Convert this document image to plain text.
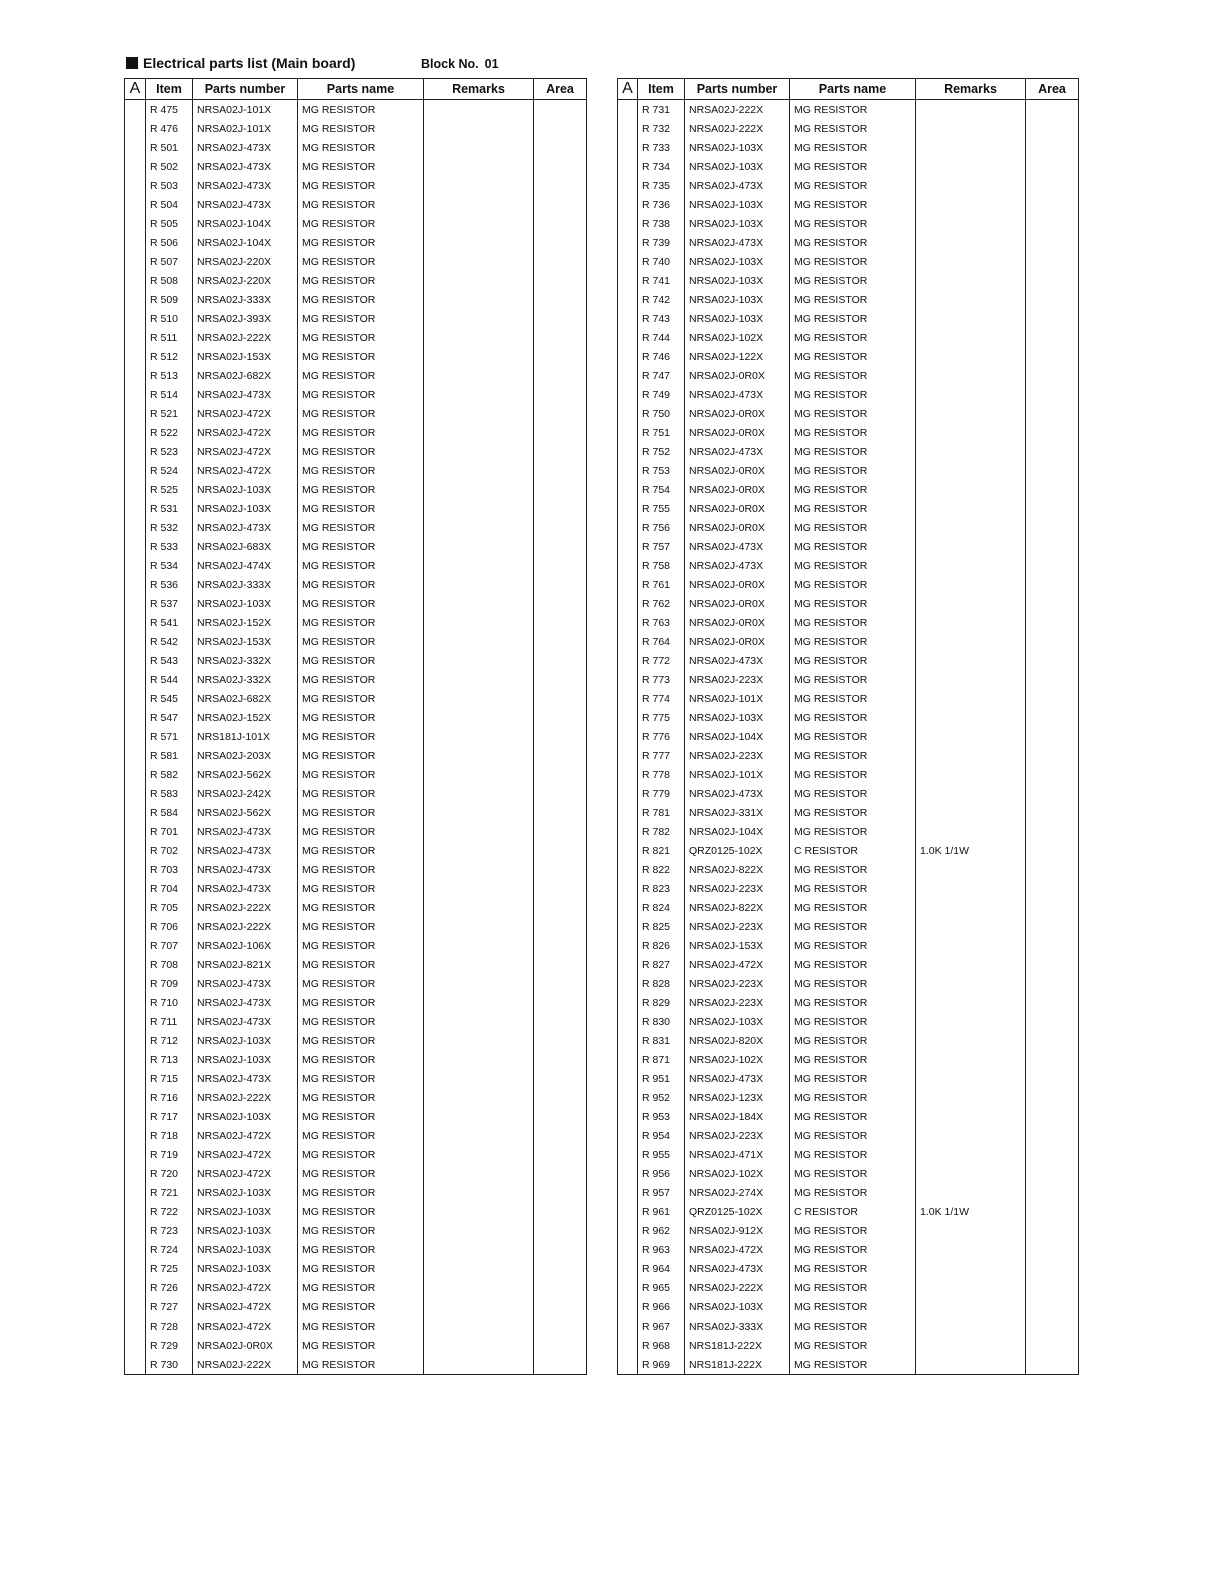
Electrical parts list (Main board)	Block No. 01
A	Item	Parts number	Parts name	Remarks	Area
	R 475	NRSA02J-101X	MG RESISTOR		
	R 476	NRSA02J-101X	MG RESISTOR		
	R 501	NRSA02J-473X	MG RESISTOR		
	R 502	NRSA02J-473X	MG RESISTOR		
	R 503	NRSA02J-473X	MG RESISTOR		
	R 504	NRSA02J-473X	MG RESISTOR		
	R 505	NRSA02J-104X	MG RESISTOR		
	R 506	NRSA02J-104X	MG RESISTOR		
	R 507	NRSA02J-220X	MG RESISTOR		
	R 508	NRSA02J-220X	MG RESISTOR		
	R 509	NRSA02J-333X	MG RESISTOR		
	R 510	NRSA02J-393X	MG RESISTOR		
	R 511	NRSA02J-222X	MG RESISTOR		
	R 512	NRSA02J-153X	MG RESISTOR		
	R 513	NRSA02J-682X	MG RESISTOR		
	R 514	NRSA02J-473X	MG RESISTOR		
	R 521	NRSA02J-472X	MG RESISTOR		
	R 522	NRSA02J-472X	MG RESISTOR		
	R 523	NRSA02J-472X	MG RESISTOR		
	R 524	NRSA02J-472X	MG RESISTOR		
	R 525	NRSA02J-103X	MG RESISTOR		
	R 531	NRSA02J-103X	MG RESISTOR		
	R 532	NRSA02J-473X	MG RESISTOR		
	R 533	NRSA02J-683X	MG RESISTOR		
	R 534	NRSA02J-474X	MG RESISTOR		
	R 536	NRSA02J-333X	MG RESISTOR		
	R 537	NRSA02J-103X	MG RESISTOR		
	R 541	NRSA02J-152X	MG RESISTOR		
	R 542	NRSA02J-153X	MG RESISTOR		
	R 543	NRSA02J-332X	MG RESISTOR		
	R 544	NRSA02J-332X	MG RESISTOR		
	R 545	NRSA02J-682X	MG RESISTOR		
	R 547	NRSA02J-152X	MG RESISTOR		
	R 571	NRS181J-101X	MG RESISTOR		
	R 581	NRSA02J-203X	MG RESISTOR		
	R 582	NRSA02J-562X	MG RESISTOR		
	R 583	NRSA02J-242X	MG RESISTOR		
	R 584	NRSA02J-562X	MG RESISTOR		
	R 701	NRSA02J-473X	MG RESISTOR		
	R 702	NRSA02J-473X	MG RESISTOR		
	R 703	NRSA02J-473X	MG RESISTOR		
	R 704	NRSA02J-473X	MG RESISTOR		
	R 705	NRSA02J-222X	MG RESISTOR		
	R 706	NRSA02J-222X	MG RESISTOR		
	R 707	NRSA02J-106X	MG RESISTOR		
	R 708	NRSA02J-821X	MG RESISTOR		
	R 709	NRSA02J-473X	MG RESISTOR		
	R 710	NRSA02J-473X	MG RESISTOR		
	R 711	NRSA02J-473X	MG RESISTOR		
	R 712	NRSA02J-103X	MG RESISTOR		
	R 713	NRSA02J-103X	MG RESISTOR		
	R 715	NRSA02J-473X	MG RESISTOR		
	R 716	NRSA02J-222X	MG RESISTOR		
	R 717	NRSA02J-103X	MG RESISTOR		
	R 718	NRSA02J-472X	MG RESISTOR		
	R 719	NRSA02J-472X	MG RESISTOR		
	R 720	NRSA02J-472X	MG RESISTOR		
	R 721	NRSA02J-103X	MG RESISTOR		
	R 722	NRSA02J-103X	MG RESISTOR		
	R 723	NRSA02J-103X	MG RESISTOR		
	R 724	NRSA02J-103X	MG RESISTOR		
	R 725	NRSA02J-103X	MG RESISTOR		
	R 726	NRSA02J-472X	MG RESISTOR		
	R 727	NRSA02J-472X	MG RESISTOR		
	R 728	NRSA02J-472X	MG RESISTOR		
	R 729	NRSA02J-0R0X	MG RESISTOR		
	R 730	NRSA02J-222X	MG RESISTOR		
A	Item	Parts number	Parts name	Remarks	Area
	R 731	NRSA02J-222X	MG RESISTOR		
	R 732	NRSA02J-222X	MG RESISTOR		
	R 733	NRSA02J-103X	MG RESISTOR		
	R 734	NRSA02J-103X	MG RESISTOR		
	R 735	NRSA02J-473X	MG RESISTOR		
	R 736	NRSA02J-103X	MG RESISTOR		
	R 738	NRSA02J-103X	MG RESISTOR		
	R 739	NRSA02J-473X	MG RESISTOR		
	R 740	NRSA02J-103X	MG RESISTOR		
	R 741	NRSA02J-103X	MG RESISTOR		
	R 742	NRSA02J-103X	MG RESISTOR		
	R 743	NRSA02J-103X	MG RESISTOR		
	R 744	NRSA02J-102X	MG RESISTOR		
	R 746	NRSA02J-122X	MG RESISTOR		
	R 747	NRSA02J-0R0X	MG RESISTOR		
	R 749	NRSA02J-473X	MG RESISTOR		
	R 750	NRSA02J-0R0X	MG RESISTOR		
	R 751	NRSA02J-0R0X	MG RESISTOR		
	R 752	NRSA02J-473X	MG RESISTOR		
	R 753	NRSA02J-0R0X	MG RESISTOR		
	R 754	NRSA02J-0R0X	MG RESISTOR		
	R 755	NRSA02J-0R0X	MG RESISTOR		
	R 756	NRSA02J-0R0X	MG RESISTOR		
	R 757	NRSA02J-473X	MG RESISTOR		
	R 758	NRSA02J-473X	MG RESISTOR		
	R 761	NRSA02J-0R0X	MG RESISTOR		
	R 762	NRSA02J-0R0X	MG RESISTOR		
	R 763	NRSA02J-0R0X	MG RESISTOR		
	R 764	NRSA02J-0R0X	MG RESISTOR		
	R 772	NRSA02J-473X	MG RESISTOR		
	R 773	NRSA02J-223X	MG RESISTOR		
	R 774	NRSA02J-101X	MG RESISTOR		
	R 775	NRSA02J-103X	MG RESISTOR		
	R 776	NRSA02J-104X	MG RESISTOR		
	R 777	NRSA02J-223X	MG RESISTOR		
	R 778	NRSA02J-101X	MG RESISTOR		
	R 779	NRSA02J-473X	MG RESISTOR		
	R 781	NRSA02J-331X	MG RESISTOR		
	R 782	NRSA02J-104X	MG RESISTOR		
	R 821	QRZ0125-102X	C RESISTOR	1.0K 1/1W	
	R 822	NRSA02J-822X	MG RESISTOR		
	R 823	NRSA02J-223X	MG RESISTOR		
	R 824	NRSA02J-822X	MG RESISTOR		
	R 825	NRSA02J-223X	MG RESISTOR		
	R 826	NRSA02J-153X	MG RESISTOR		
	R 827	NRSA02J-472X	MG RESISTOR		
	R 828	NRSA02J-223X	MG RESISTOR		
	R 829	NRSA02J-223X	MG RESISTOR		
	R 830	NRSA02J-103X	MG RESISTOR		
	R 831	NRSA02J-820X	MG RESISTOR		
	R 871	NRSA02J-102X	MG RESISTOR		
	R 951	NRSA02J-473X	MG RESISTOR		
	R 952	NRSA02J-123X	MG RESISTOR		
	R 953	NRSA02J-184X	MG RESISTOR		
	R 954	NRSA02J-223X	MG RESISTOR		
	R 955	NRSA02J-471X	MG RESISTOR		
	R 956	NRSA02J-102X	MG RESISTOR		
	R 957	NRSA02J-274X	MG RESISTOR		
	R 961	QRZ0125-102X	C RESISTOR	1.0K 1/1W	
	R 962	NRSA02J-912X	MG RESISTOR		
	R 963	NRSA02J-472X	MG RESISTOR		
	R 964	NRSA02J-473X	MG RESISTOR		
	R 965	NRSA02J-222X	MG RESISTOR		
	R 966	NRSA02J-103X	MG RESISTOR		
	R 967	NRSA02J-333X	MG RESISTOR		
	R 968	NRS181J-222X	MG RESISTOR		
	R 969	NRS181J-222X	MG RESISTOR		
